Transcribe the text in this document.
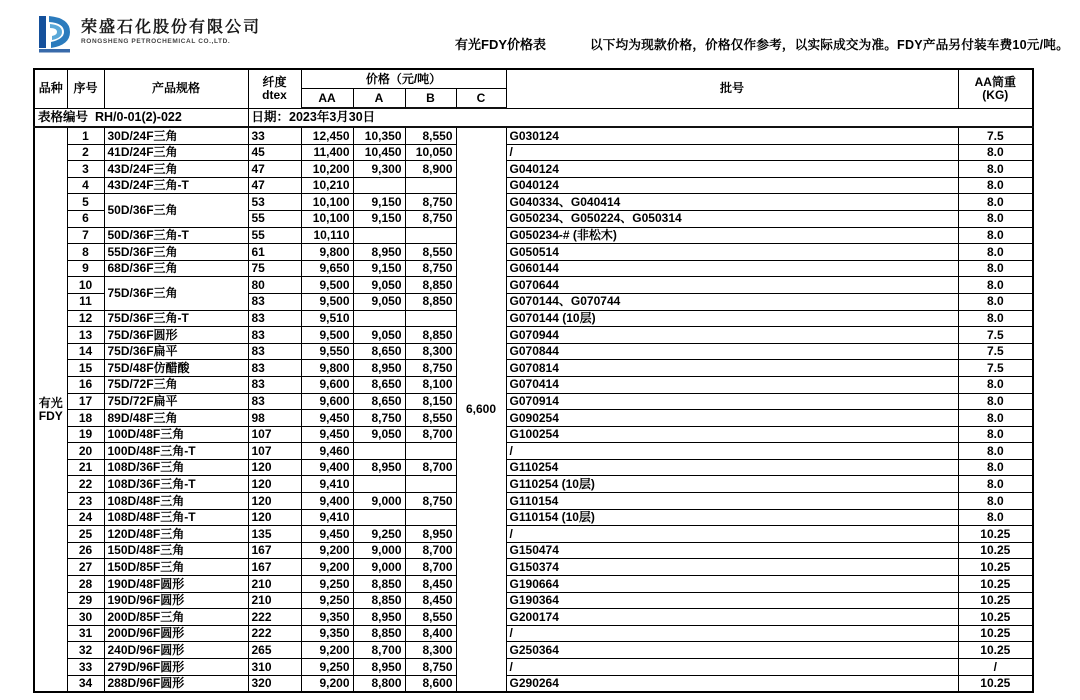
荣盛石化股份有限公司
RONGSHENG PETROCHEMICAL CO.,LTD.	有光FDY价格表	以下均为现款价格，价格仅作参考，以实际成交为准。FDY产品另付装车费10元/吨。
表格编号 RH/0-01(2)-022			日期：2023年3月30日						
品种	序号	产品规格	纤度
dtex
	价格（元/吨）	批号	AA筒重
(KG)

				AA	A	B	C		

有光
FDY	1	30D/24F三角	33	12,450	10,350	8,550	6,600	G030124	7.5
	2	41D/24F三角	45	11,400	10,450	10,050		/	8.0
	3	43D/24F三角	47	10,200	9,300	8,900		G040124	8.0
	4	43D/24F三角-T	47	10,210				G040124	8.0
	5	50D/36F三角	53	10,100	9,150	8,750		G040334、G040414	8.0
	6		55	10,100	9,150	8,750		G050234、G050224、G050314	8.0
	7	50D/36F三角-T	55	10,110				G050234-# (非松木)	8.0
	8	55D/36F三角	61	9,800	8,950	8,550		G050514	8.0
	9	68D/36F三角	75	9,650	9,150	8,750		G060144	8.0
	10	75D/36F三角	80	9,500	9,050	8,850		G070644	8.0
	11		83	9,500	9,050	8,850		G070144、G070744	8.0
	12	75D/36F三角-T	83	9,510				G070144 (10层)	8.0
	13	75D/36F圆形	83	9,500	9,050	8,850		G070944	7.5
	14	75D/36F扁平	83	9,550	8,650	8,300		G070844	7.5
	15	75D/48F仿醋酸	83	9,800	8,950	8,750		G070814	7.5
	16	75D/72F三角	83	9,600	8,650	8,100		G070414	8.0
	17	75D/72F扁平	83	9,600	8,650	8,150		G070914	8.0
	18	89D/48F三角	98	9,450	8,750	8,550		G090254	8.0
	19	100D/48F三角	107	9,450	9,050	8,700		G100254	8.0
	20	100D/48F三角-T	107	9,460				/	8.0
	21	108D/36F三角	120	9,400	8,950	8,700		G110254	8.0
	22	108D/36F三角-T	120	9,410				G110254 (10层)	8.0
	23	108D/48F三角	120	9,400	9,000	8,750		G110154	8.0
	24	108D/48F三角-T	120	9,410				G110154 (10层)	8.0
	25	120D/48F三角	135	9,450	9,250	8,950		/	10.25
	26	150D/48F三角	167	9,200	9,000	8,700		G150474	10.25
	27	150D/85F三角	167	9,200	9,000	8,700		G150374	10.25
	28	190D/48F圆形	210	9,250	8,850	8,450		G190664	10.25
	29	190D/96F圆形	210	9,250	8,850	8,450		G190364	10.25
	30	200D/85F三角	222	9,350	8,950	8,550		G200174	10.25
	31	200D/96F圆形	222	9,350	8,850	8,400		/	10.25
	32	240D/96F圆形	265	9,200	8,700	8,300		G250364	10.25
	33	279D/96F圆形	310	9,250	8,950	8,750		/	/
	34	288D/96F圆形	320	9,200	8,800	8,600		G290264	10.25
